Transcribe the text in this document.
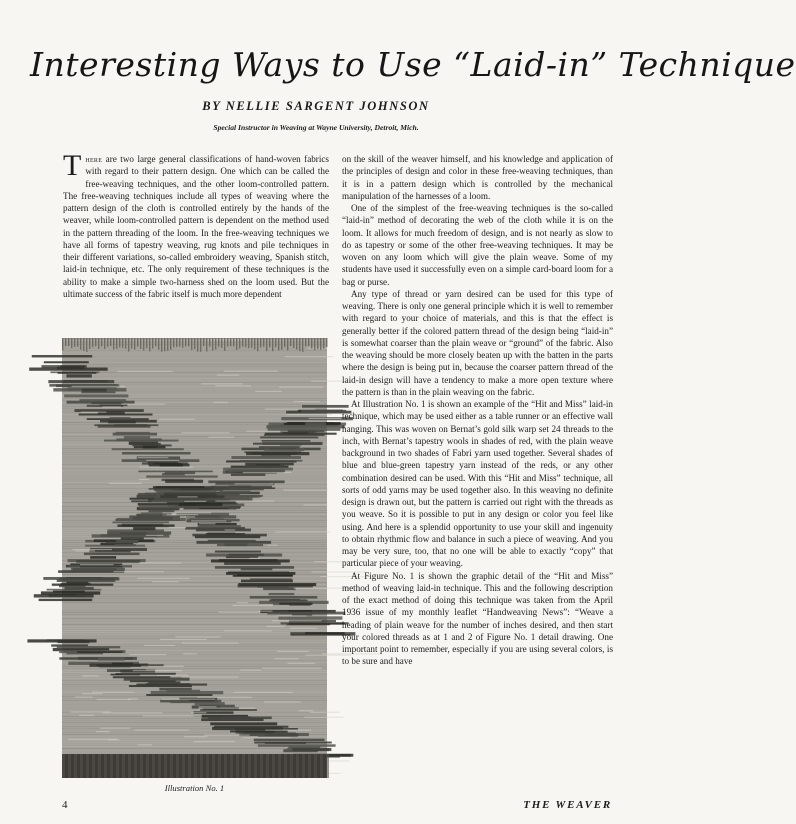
Interesting Ways to Use “Laid-in” Technique
BY NELLIE SARGENT JOHNSON
Special Instructor in Weaving at Wayne University, Detroit, Mich.

There are two large general classifications of hand-woven fabrics with regard to their pattern design. One which can be called the free-weaving techniques, and the other loom-controlled pattern. The free-weaving techniques include all types of weaving where the pattern design of the cloth is controlled entirely by the hands of the weaver, while loom-controlled pattern is dependent on the method used in the pattern threading of the loom. In the free-weaving techniques we have all forms of tapestry weaving, rug knots and pile techniques in their different variations, so-called embroidery weaving, Spanish stitch, laid-in technique, etc. The only requirement of these techniques is the ability to make a simple two-harness shed on the loom used. But the ultimate success of the fabric itself is much more dependent

Illustration No. 1

on the skill of the weaver himself, and his knowledge and application of the principles of design and color in these free-weaving techniques, than it is in a pattern design which is controlled by the mechanical manipulation of the harnesses of a loom.

One of the simplest of the free-weaving techniques is the so-called “laid-in” method of decorating the web of the cloth while it is on the loom. It allows for much freedom of design, and is not nearly as slow to do as tapestry or some of the other free-weaving techniques. It may be woven on any loom which will give the plain weave. Some of my students have used it successfully even on a simple card-board loom for a bag or purse.

Any type of thread or yarn desired can be used for this type of weaving. There is only one general principle which it is well to remember with regard to your choice of materials, and this is that the effect is generally better if the colored pattern thread of the design being “laid-in” is somewhat coarser than the plain weave or “ground” of the fabric. Also the weaving should be more closely beaten up with the batten in the parts where the design is being put in, because the coarser pattern thread of the laid-in design will have a tendency to make a more open texture where the pattern is than in the plain weaving on the fabric.

At Illustration No. 1 is shown an example of the “Hit and Miss” laid-in technique, which may be used either as a table runner or an effective wall hanging. This was woven on Bernat’s gold silk warp set 24 threads to the inch, with Bernat’s tapestry wools in shades of red, with the plain weave background in two shades of Fabri yarn used together. Several shades of blue and blue-green tapestry yarn instead of the reds, or any other combination desired can be used. With this “Hit and Miss” technique, all sorts of odd yarns may be used together also. In this weaving no definite design is drawn out, but the pattern is carried out right with the threads as you weave. So it is possible to put in any design or color you feel like using. And here is a splendid opportunity to use your skill and ingenuity to obtain rhythmic flow and balance in such a piece of weaving. And you may be very sure, too, that no one will be able to exactly “copy” that particular piece of your weaving.

At Figure No. 1 is shown the graphic detail of the “Hit and Miss” method of weaving laid-in technique. This and the following description of the exact method of doing this technique was taken from the April 1936 issue of my monthly leaflet “Handweaving News”: “Weave a heading of plain weave for the number of inches desired, and then start your colored threads as at 1 and 2 of Figure No. 1 detail drawing. One important point to remember, especially if you are using several colors, is to be sure and have

4	THE WEAVER
